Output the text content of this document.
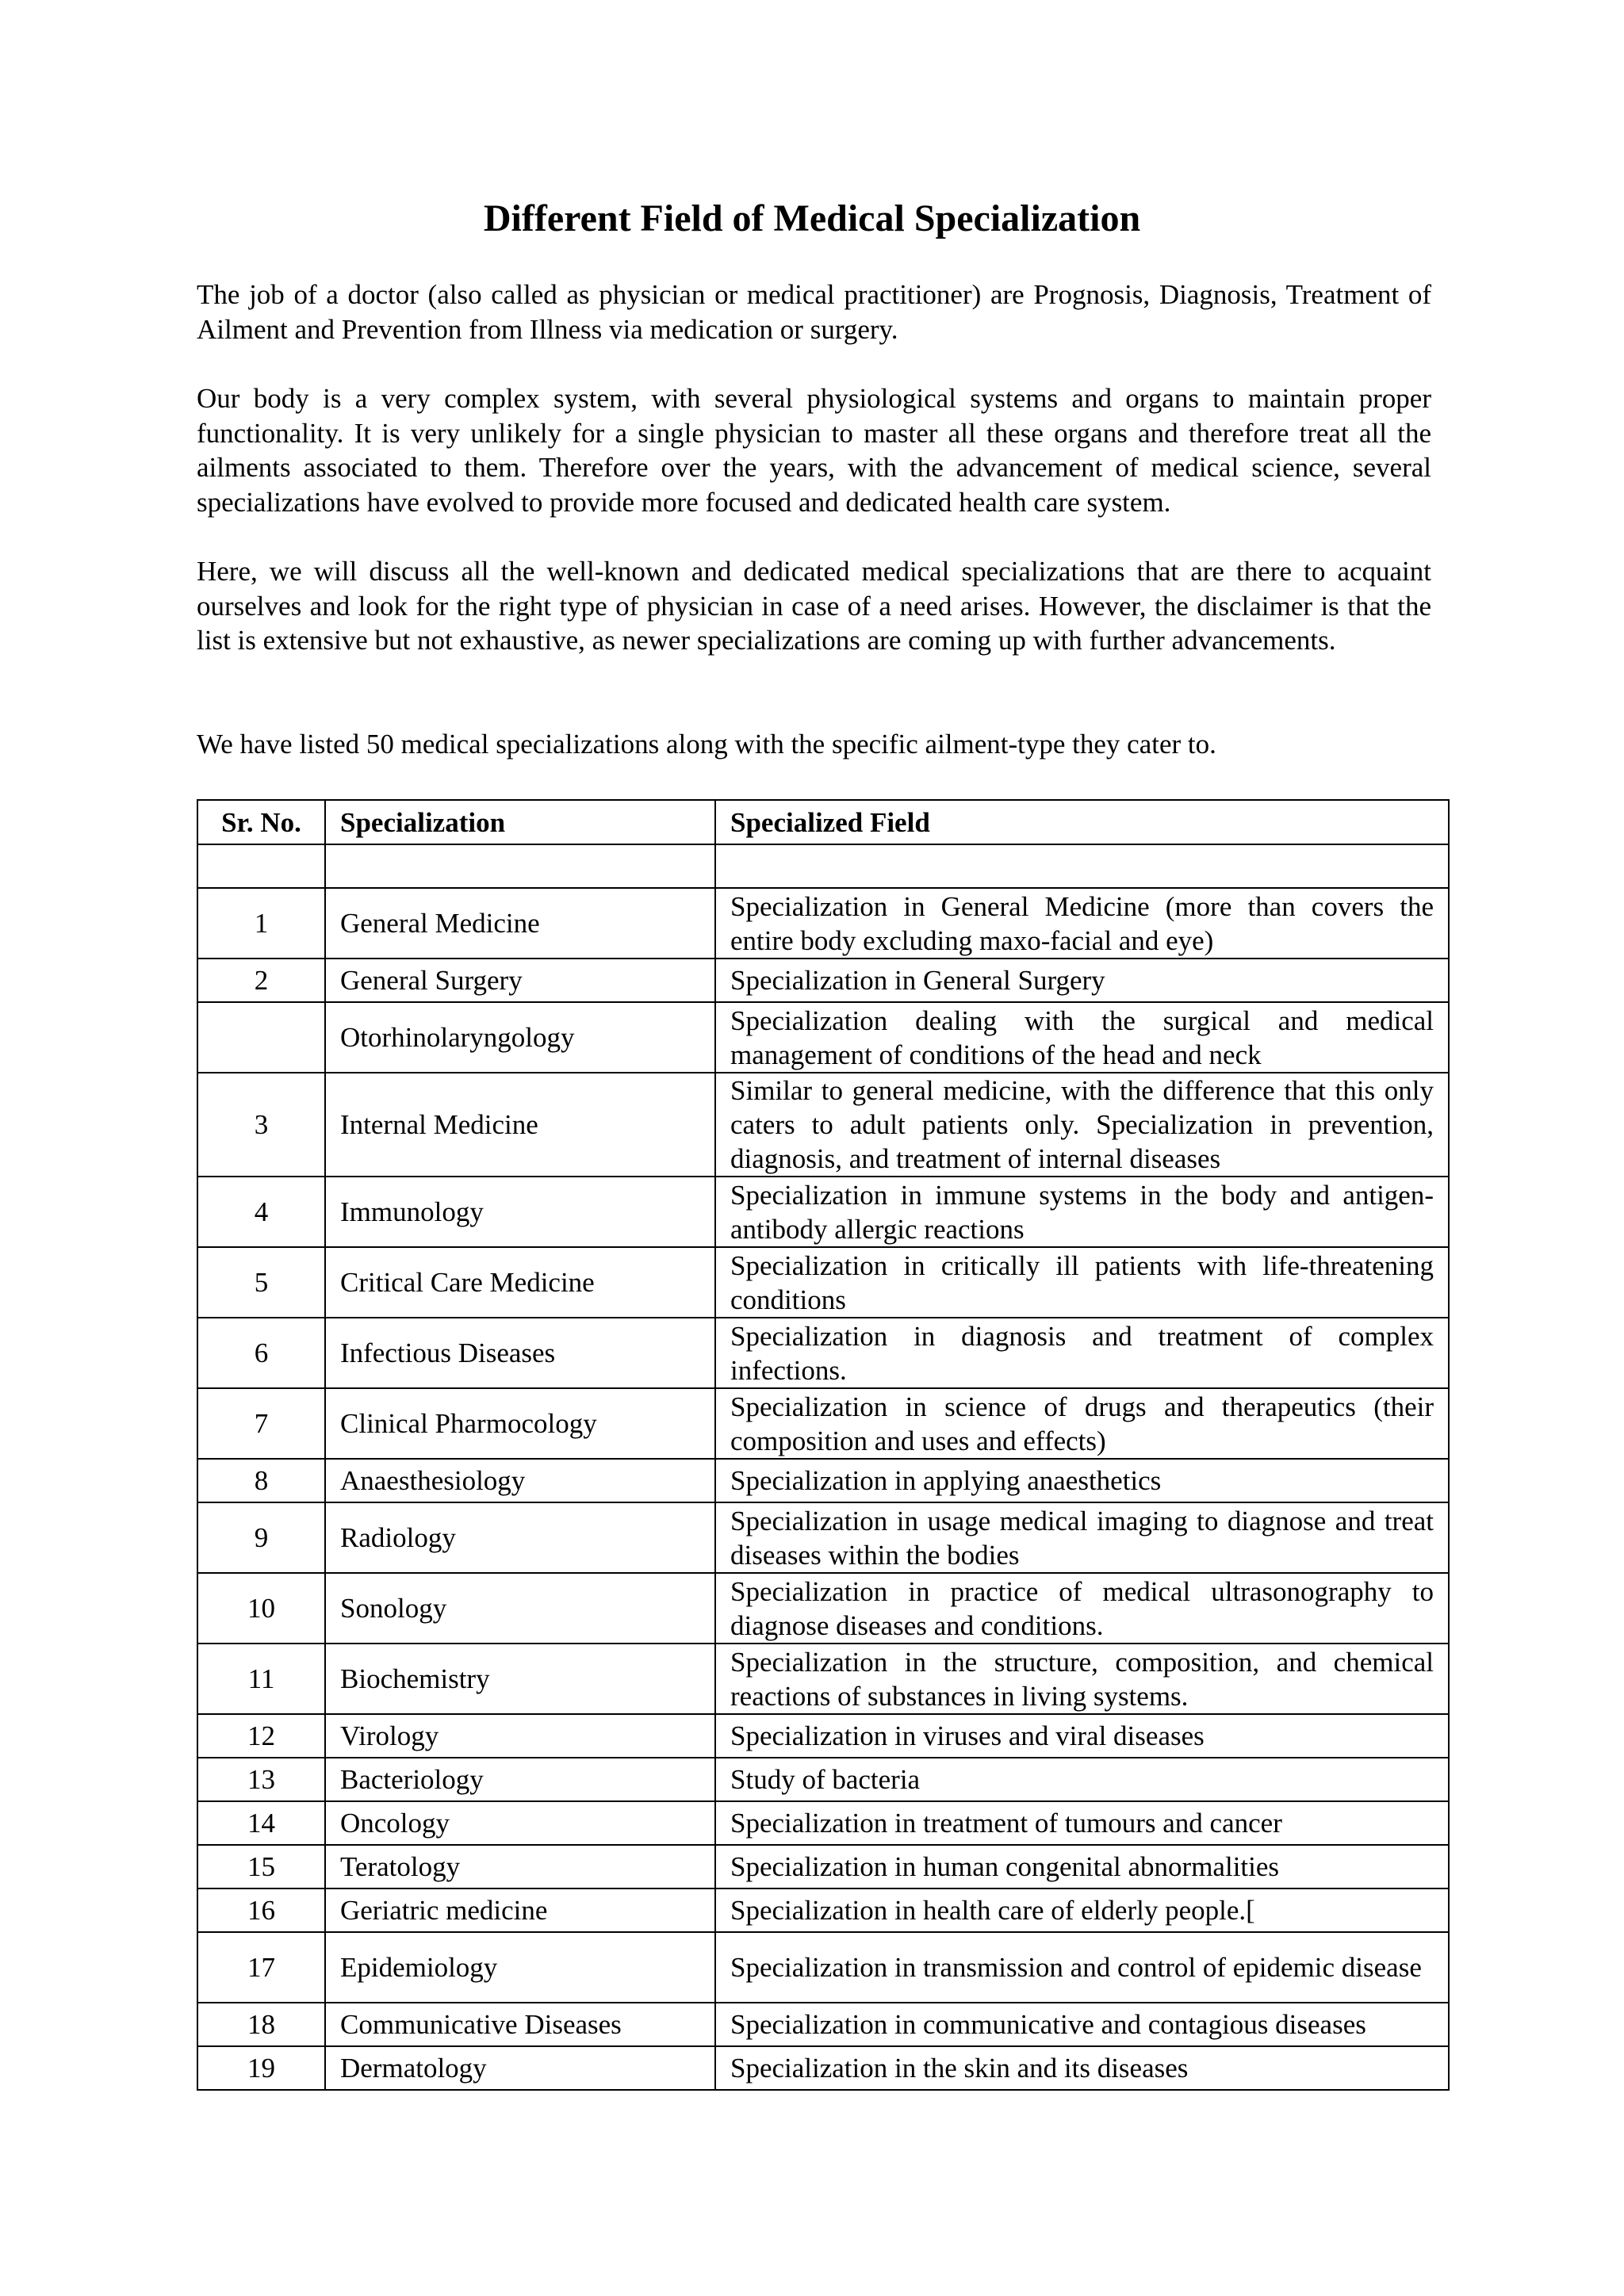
Different Field of Medical Specialization

The job of a doctor (also called as physician or medical practitioner) are Prognosis, Diagnosis, Treatment of Ailment and Prevention from Illness via medication or surgery.

Our body is a very complex system, with several physiological systems and organs to maintain proper functionality. It is very unlikely for a single physician to master all these organs and therefore treat all the ailments associated to them. Therefore over the years, with the advancement of medical science, several specializations have evolved to provide more focused and dedicated health care system.

Here, we will discuss all the well-known and dedicated medical specializations that are there to acquaint ourselves and look for the right type of physician in case of a need arises. However, the disclaimer is that the list is extensive but not exhaustive, as newer specializations are coming up with further advancements.

We have listed 50 medical specializations along with the specific ailment-type they cater to.

Sr. No.	Specialization	Specialized Field

1	General Medicine	Specialization in General Medicine (more than covers the entire body excluding maxo-facial and eye)
2	General Surgery	Specialization in General Surgery
	Otorhinolaryngology	Specialization dealing with the surgical and medical management of conditions of the head and neck
3	Internal Medicine	Similar to general medicine, with the difference that this only caters to adult patients only. Specialization in prevention, diagnosis, and treatment of internal diseases
4	Immunology	Specialization in immune systems in the body and antigen-antibody allergic reactions
5	Critical Care Medicine	Specialization in critically ill patients with life-threatening conditions
6	Infectious Diseases	Specialization in diagnosis and treatment of complex infections.
7	Clinical Pharmocology	Specialization in science of drugs and therapeutics (their composition and uses and effects)
8	Anaesthesiology	Specialization in applying anaesthetics
9	Radiology	Specialization in usage medical imaging to diagnose and treat diseases within the bodies
10	Sonology	Specialization in practice of medical ultrasonography to diagnose diseases and conditions.
11	Biochemistry	Specialization in the structure, composition, and chemical reactions of substances in living systems.
12	Virology	Specialization in viruses and viral diseases
13	Bacteriology	Study of bacteria
14	Oncology	Specialization in treatment of tumours and cancer
15	Teratology	Specialization in human congenital abnormalities
16	Geriatric medicine	Specialization in health care of elderly people.[
17	Epidemiology	Specialization in transmission and control of epidemic disease
18	Communicative Diseases	Specialization in communicative and contagious diseases
19	Dermatology	Specialization in the skin and its diseases
